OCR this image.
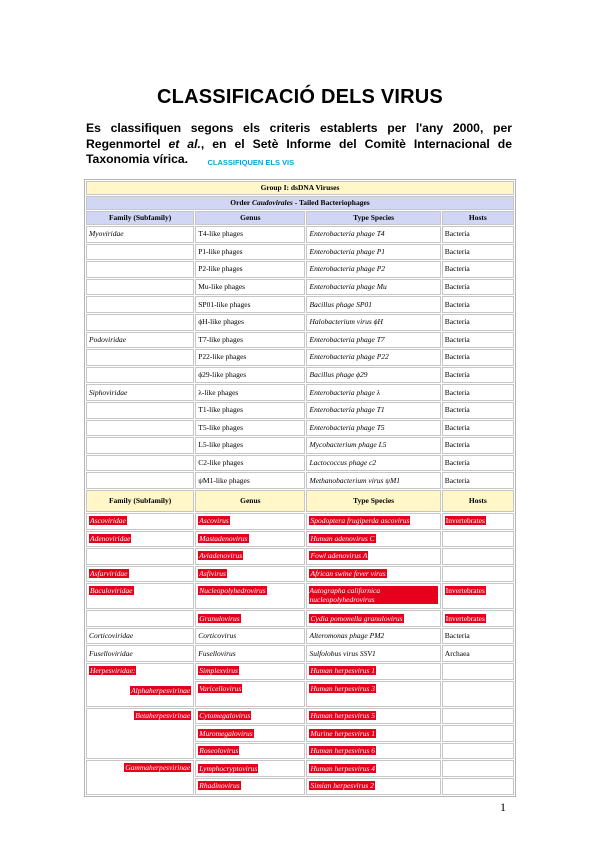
CLASSIFICACIÓ DELS VIRUS
Es classifiquen segons els criteris establerts per l'any 2000, per Regenmortel et al., en el Setè Informe del Comitè Internacional de Taxonomia vírica.	CLASSIFIQUEN ELS VIS
Group I: dsDNA Viruses			
Order Caudovirales - Tailed Bacteriophages			
Family (Subfamily)	Genus	Type Species	Hosts
Myoviridae	T4-like phages	Enterobacteria phage T4	Bacteria
	P1-like phages	Enterobacteria phage P1	Bacteria
	P2-like phages	Enterobacteria phage P2	Bacteria
	Mu-like phages	Enterobacteria phage Mu	Bacteria
	SP01-like phages	Bacillus phage SP01	Bacteria
	ϕH-like phages	Halobacterium virus ϕH	Bacteria
Podoviridae	T7-like phages	Enterobacteria phage T7	Bacteria
	P22-like phages	Enterobacteria phage P22	Bacteria
	ϕ29-like phages	Bacillus phage ϕ29	Bacteria
Siphoviridae	λ-like phages	Enterobacteria phage λ	Bacteria
	T1-like phages	Enterobacteria phage T1	Bacteria
	T5-like phages	Enterobacteria phage T5	Bacteria
	L5-like phages	Mycobacterium phage L5	Bacteria
	C2-like phages	Lactococcus phage c2	Bacteria
	ψM1-like phages	Methanobacterium virus ψM1	Bacteria
Family (Subfamily)	Genus	Type Species	Hosts
Ascoviridae	Ascovirus	Spodoptera frugiperda ascovirus	Invertebrates
Adenoviridae	Mastadenovirus	Human adenovirus C	
	Aviadenovirus	Fowl adenovirus A	
Asfarviridae	Asfivirus	African swine fever virus	
Baculoviridae	Nucleopolyhedrovirus	Autographa californica nucleopolyhedrovirus	Invertebrates
	Granulovirus	Cydia pomonella granulovirus	Invertebrates
Corticoviridae	Corticovirus	Alteromonas phage PM2	Bacteria
Fuselloviridae	Fusellovirus	Sulfolobus virus SSV1	Archaea
Herpesviridae:

Alphaherpesvirinae	Simplexvirus	Human herpesvirus 1	
	Varicellovirus	Human herpesvirus 3	
Betaherpesvirinae	Cytomegalovirus	Human herpesvirus 5	
	Muromegalovirus	Murine herpesvirus 1	
	Roseolovirus	Human herpesvirus 6	
Gammaherpesvirinae	Lymphocryptovirus	Human herpesvirus 4	
	Rhadinovirus	Simian herpesvirus 2	
1
